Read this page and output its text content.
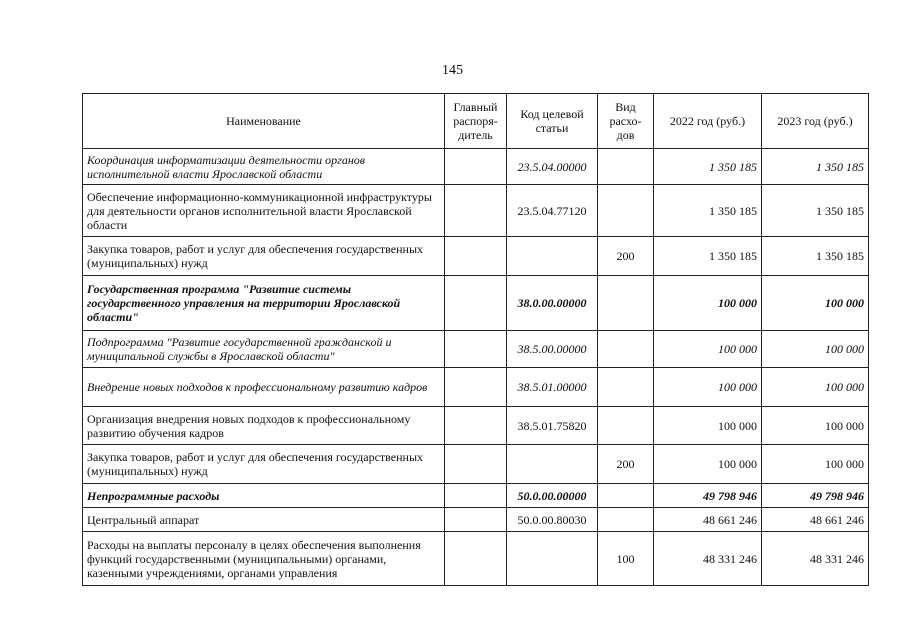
145
Наименование	Главный распоря-дитель	Код целевой статьи	Вид расхо-дов	2022 год (руб.)	2023 год (руб.)
Координация информатизации деятельности органов исполнительной власти Ярославской области		23.5.04.00000		1 350 185	1 350 185
Обеспечение информационно-коммуникационной инфраструктуры для деятельности органов исполнительной власти Ярославской области		23.5.04.77120		1 350 185	1 350 185
Закупка товаров, работ и услуг для обеспечения государственных (муниципальных) нужд			200	1 350 185	1 350 185
Государственная программа "Развитие системы государственного управления на территории Ярославской области"		38.0.00.00000		100 000	100 000
Подпрограмма "Развитие государственной гражданской и муниципальной службы в Ярославской области"		38.5.00.00000		100 000	100 000
Внедрение новых подходов к профессиональному развитию кадров		38.5.01.00000		100 000	100 000
Организация внедрения новых подходов к профессиональному развитию обучения кадров		38.5.01.75820		100 000	100 000
Закупка товаров, работ и услуг для обеспечения государственных (муниципальных) нужд			200	100 000	100 000
Непрограммные расходы		50.0.00.00000		49 798 946	49 798 946
Центральный аппарат		50.0.00.80030		48 661 246	48 661 246
Расходы на выплаты персоналу в целях обеспечения выполнения функций государственными (муниципальными) органами, казенными учреждениями, органами управления			100	48 331 246	48 331 246
